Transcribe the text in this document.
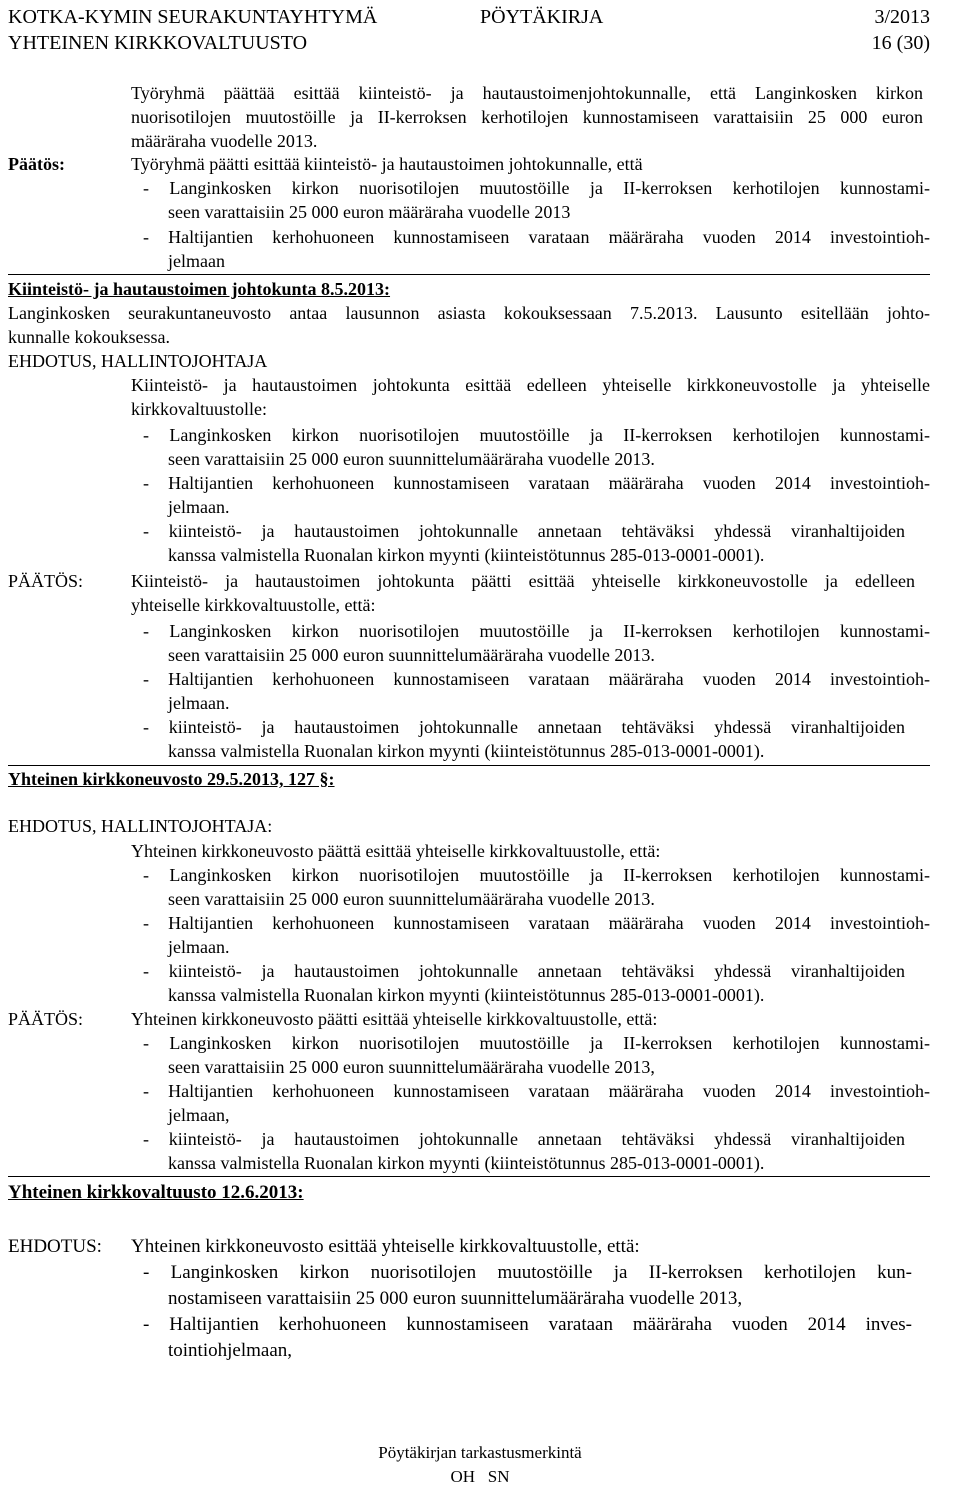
KOTKA-KYMIN SEURAKUNTAYHTYMÄ	PÖYTÄKIRJA	3/2013
YHTEINEN KIRKKOVALTUUSTO	16 (30)
Työryhmä päättää esittää kiinteistö- ja hautaustoimenjohtokunnalle, että Langinkosken kirkon
nuorisotilojen muutostöille ja II-kerroksen kerhotilojen kunnostamiseen varattaisiin 25 000 euron
määräraha vuodelle 2013.
Päätös:	Työryhmä päätti esittää kiinteistö- ja hautaustoimen johtokunnalle, että
- Langinkosken kirkon nuorisotilojen muutostöille ja II-kerroksen kerhotilojen kunnostami-
seen varattaisiin 25 000 euron määräraha vuodelle 2013
- Haltijantien kerhohuoneen kunnostamiseen varataan määräraha vuoden 2014 investointioh-
jelmaan
Kiinteistö- ja hautaustoimen johtokunta 8.5.2013:
Langinkosken seurakuntaneuvosto antaa lausunnon asiasta kokouksessaan 7.5.2013. Lausunto esitellään johto-
kunnalle kokouksessa.
EHDOTUS, HALLINTOJOHTAJA
Kiinteistö- ja hautaustoimen johtokunta esittää edelleen yhteiselle kirkkoneuvostolle ja yhteiselle
kirkkovaltuustolle:
- Langinkosken kirkon nuorisotilojen muutostöille ja II-kerroksen kerhotilojen kunnostami-
seen varattaisiin 25 000 euron suunnittelumääräraha vuodelle 2013.
- Haltijantien kerhohuoneen kunnostamiseen varataan määräraha vuoden 2014 investointioh-
jelmaan.
- kiinteistö- ja hautaustoimen johtokunnalle annetaan tehtäväksi yhdessä viranhaltijoiden
kanssa valmistella Ruonalan kirkon myynti (kiinteistötunnus 285-013-0001-0001).
PÄÄTÖS:	Kiinteistö- ja hautaustoimen johtokunta päätti esittää yhteiselle kirkkoneuvostolle ja edelleen
yhteiselle kirkkovaltuustolle, että:
- Langinkosken kirkon nuorisotilojen muutostöille ja II-kerroksen kerhotilojen kunnostami-
seen varattaisiin 25 000 euron suunnittelumääräraha vuodelle 2013.
- Haltijantien kerhohuoneen kunnostamiseen varataan määräraha vuoden 2014 investointioh-
jelmaan.
- kiinteistö- ja hautaustoimen johtokunnalle annetaan tehtäväksi yhdessä viranhaltijoiden
kanssa valmistella Ruonalan kirkon myynti (kiinteistötunnus 285-013-0001-0001).
Yhteinen kirkkoneuvosto 29.5.2013, 127 §:
EHDOTUS, HALLINTOJOHTAJA:
Yhteinen kirkkoneuvosto päättä esittää yhteiselle kirkkovaltuustolle, että:
- Langinkosken kirkon nuorisotilojen muutostöille ja II-kerroksen kerhotilojen kunnostami-
seen varattaisiin 25 000 euron suunnittelumääräraha vuodelle 2013.
- Haltijantien kerhohuoneen kunnostamiseen varataan määräraha vuoden 2014 investointioh-
jelmaan.
- kiinteistö- ja hautaustoimen johtokunnalle annetaan tehtäväksi yhdessä viranhaltijoiden
kanssa valmistella Ruonalan kirkon myynti (kiinteistötunnus 285-013-0001-0001).
PÄÄTÖS:	Yhteinen kirkkoneuvosto päätti esittää yhteiselle kirkkovaltuustolle, että:
- Langinkosken kirkon nuorisotilojen muutostöille ja II-kerroksen kerhotilojen kunnostami-
seen varattaisiin 25 000 euron suunnittelumääräraha vuodelle 2013,
- Haltijantien kerhohuoneen kunnostamiseen varataan määräraha vuoden 2014 investointioh-
jelmaan,
- kiinteistö- ja hautaustoimen johtokunnalle annetaan tehtäväksi yhdessä viranhaltijoiden
kanssa valmistella Ruonalan kirkon myynti (kiinteistötunnus 285-013-0001-0001).
Yhteinen kirkkovaltuusto 12.6.2013:
EHDOTUS: Yhteinen kirkkoneuvosto esittää yhteiselle kirkkovaltuustolle, että:
- Langinkosken kirkon nuorisotilojen muutostöille ja II-kerroksen kerhotilojen kun-
nostamiseen varattaisiin 25 000 euron suunnittelumääräraha vuodelle 2013,
- Haltijantien kerhohuoneen kunnostamiseen varataan määräraha vuoden 2014 inves-
tointiohjelmaan,
Pöytäkirjan tarkastusmerkintä
OH   SN
